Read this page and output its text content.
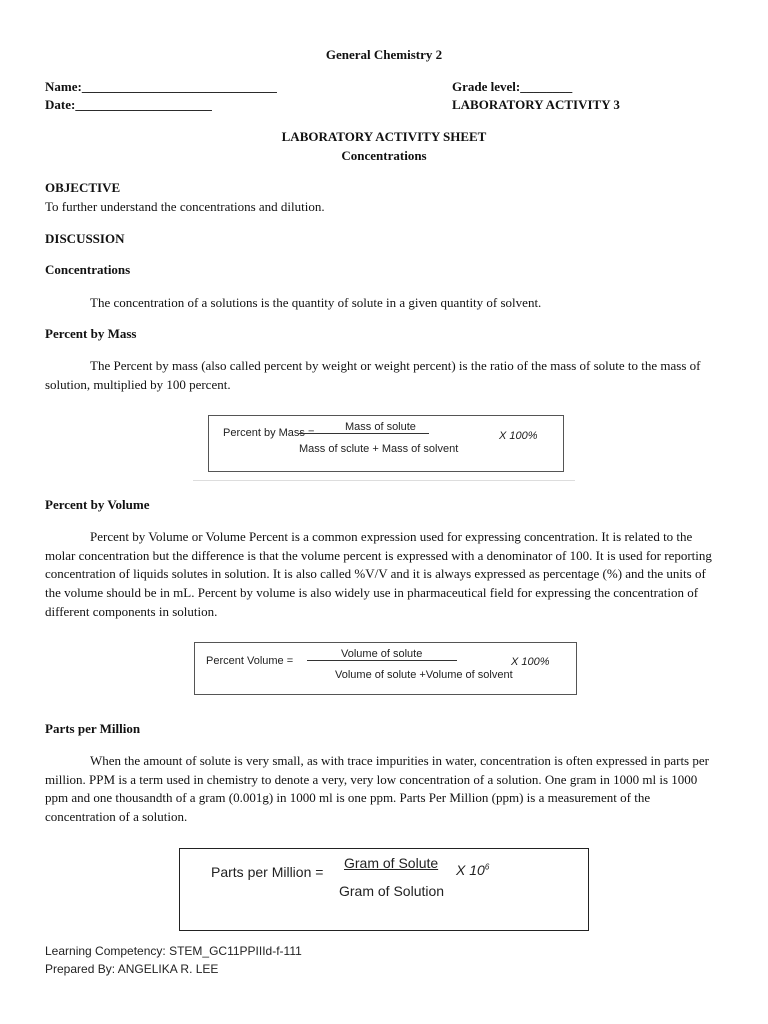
General Chemistry 2
Name:______________________________
Date:_____________________
Grade level:________
LABORATORY ACTIVITY 3
LABORATORY ACTIVITY SHEET
Concentrations
OBJECTIVE
To further understand the concentrations and dilution.
DISCUSSION
Concentrations
The concentration of a solutions is the quantity of solute in a given quantity of solvent.
Percent by Mass
The Percent by mass (also called percent by weight or weight percent) is the ratio of the mass of solute to the mass of solution, multiplied by 100 percent.
Percent by Mass =	Mass of solute
Mass of sclute + Mass of solvent
X 100%
Percent by Volume
Percent by Volume or Volume Percent is a common expression used for expressing concentration. It is related to the molar concentration but the difference is that the volume percent is expressed with a denominator of 100. It is used for reporting concentration of liquids solutes in solution. It is also called %V/V and it is always expressed as percentage (%) and the units of the volume should be in mL. Percent by volume is also widely use in pharmaceutical field for expressing the concentration of different components in solution.
Percent Volume =
Volume of solute
Volume of solute +Volume of solvent
X 100%
Parts per Million
When the amount of solute is very small, as with trace impurities in water, concentration is often expressed in parts per million. PPM is a term used in chemistry to denote a very, very low concentration of a solution. One gram in 1000 ml is 1000 ppm and one thousandth of a gram (0.001g) in 1000 ml is one ppm. Parts Per Million (ppm) is a measurement of the concentration of a solution.
Parts per Million =
Gram of Solute
Gram of Solution
X $10^6$
Learning Competency: STEM_GC11PPIIId-f-111
Prepared By: ANGELIKA R. LEE
